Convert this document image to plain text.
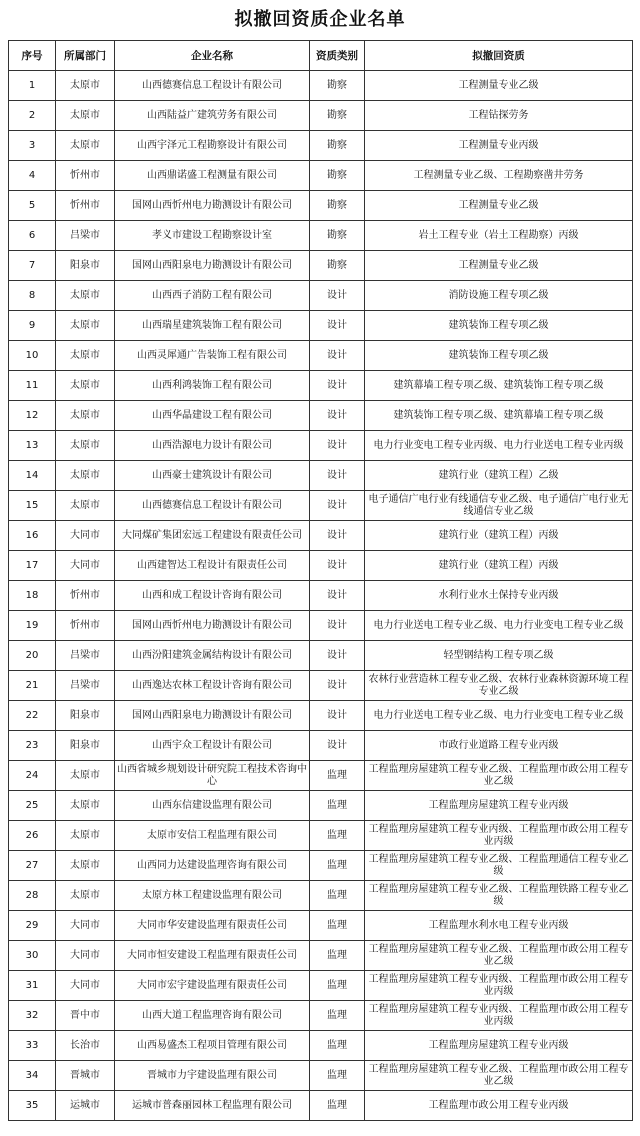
拟撤回资质企业名单
序号	所属部门	企业名称	资质类别	拟撤回资质
1	太原市	山西德赛信息工程设计有限公司	勘察	工程测量专业乙级
2	太原市	山西陆益广建筑劳务有限公司	勘察	工程钻探劳务
3	太原市	山西宇泽元工程勘察设计有限公司	勘察	工程测量专业丙级
4	忻州市	山西鼎诺盛工程测量有限公司	勘察	工程测量专业乙级、工程勘察凿井劳务
5	忻州市	国网山西忻州电力勘测设计有限公司	勘察	工程测量专业乙级
6	吕梁市	孝义市建设工程勘察设计室	勘察	岩土工程专业（岩土工程勘察）丙级
7	阳泉市	国网山西阳泉电力勘测设计有限公司	勘察	工程测量专业乙级
8	太原市	山西西子消防工程有限公司	设计	消防设施工程专项乙级
9	太原市	山西瑞星建筑装饰工程有限公司	设计	建筑装饰工程专项乙级
10	太原市	山西灵犀通广告装饰工程有限公司	设计	建筑装饰工程专项乙级
11	太原市	山西利鸿装饰工程有限公司	设计	建筑幕墙工程专项乙级、建筑装饰工程专项乙级
12	太原市	山西华晶建设工程有限公司	设计	建筑装饰工程专项乙级、建筑幕墙工程专项乙级
13	太原市	山西浩源电力设计有限公司	设计	电力行业变电工程专业丙级、电力行业送电工程专业丙级
14	太原市	山西豪士建筑设计有限公司	设计	建筑行业（建筑工程）乙级
15	太原市	山西德赛信息工程设计有限公司	设计	电子通信广电行业有线通信专业乙级、电子通信广电行业无线通信专业乙级
16	大同市	大同煤矿集团宏远工程建设有限责任公司	设计	建筑行业（建筑工程）丙级
17	大同市	山西建智达工程设计有限责任公司	设计	建筑行业（建筑工程）丙级
18	忻州市	山西和成工程设计咨询有限公司	设计	水利行业水土保持专业丙级
19	忻州市	国网山西忻州电力勘测设计有限公司	设计	电力行业送电工程专业乙级、电力行业变电工程专业乙级
20	吕梁市	山西汾阳建筑金属结构设计有限公司	设计	轻型钢结构工程专项乙级
21	吕梁市	山西逸达农林工程设计咨询有限公司	设计	农林行业营造林工程专业乙级、农林行业森林资源环境工程专业乙级
22	阳泉市	国网山西阳泉电力勘测设计有限公司	设计	电力行业送电工程专业乙级、电力行业变电工程专业乙级
23	阳泉市	山西宇众工程设计有限公司	设计	市政行业道路工程专业丙级
24	太原市	山西省城乡规划设计研究院工程技术咨询中心	监理	工程监理房屋建筑工程专业乙级、工程监理市政公用工程专业乙级
25	太原市	山西东信建设监理有限公司	监理	工程监理房屋建筑工程专业丙级
26	太原市	太原市安信工程监理有限公司	监理	工程监理房屋建筑工程专业丙级、工程监理市政公用工程专业丙级
27	太原市	山西同力达建设监理咨询有限公司	监理	工程监理房屋建筑工程专业乙级、工程监理通信工程专业乙级
28	太原市	太原方林工程建设监理有限公司	监理	工程监理房屋建筑工程专业乙级、工程监理铁路工程专业乙级
29	大同市	大同市华安建设监理有限责任公司	监理	工程监理水利水电工程专业丙级
30	大同市	大同市恒安建设工程监理有限责任公司	监理	工程监理房屋建筑工程专业乙级、工程监理市政公用工程专业乙级
31	大同市	大同市宏宇建设监理有限责任公司	监理	工程监理房屋建筑工程专业丙级、工程监理市政公用工程专业丙级
32	晋中市	山西大道工程监理咨询有限公司	监理	工程监理房屋建筑工程专业丙级、工程监理市政公用工程专业丙级
33	长治市	山西易盛杰工程项目管理有限公司	监理	工程监理房屋建筑工程专业丙级
34	晋城市	晋城市力宇建设监理有限公司	监理	工程监理房屋建筑工程专业乙级、工程监理市政公用工程专业乙级
35	运城市	运城市普森丽园林工程监理有限公司	监理	工程监理市政公用工程专业丙级
